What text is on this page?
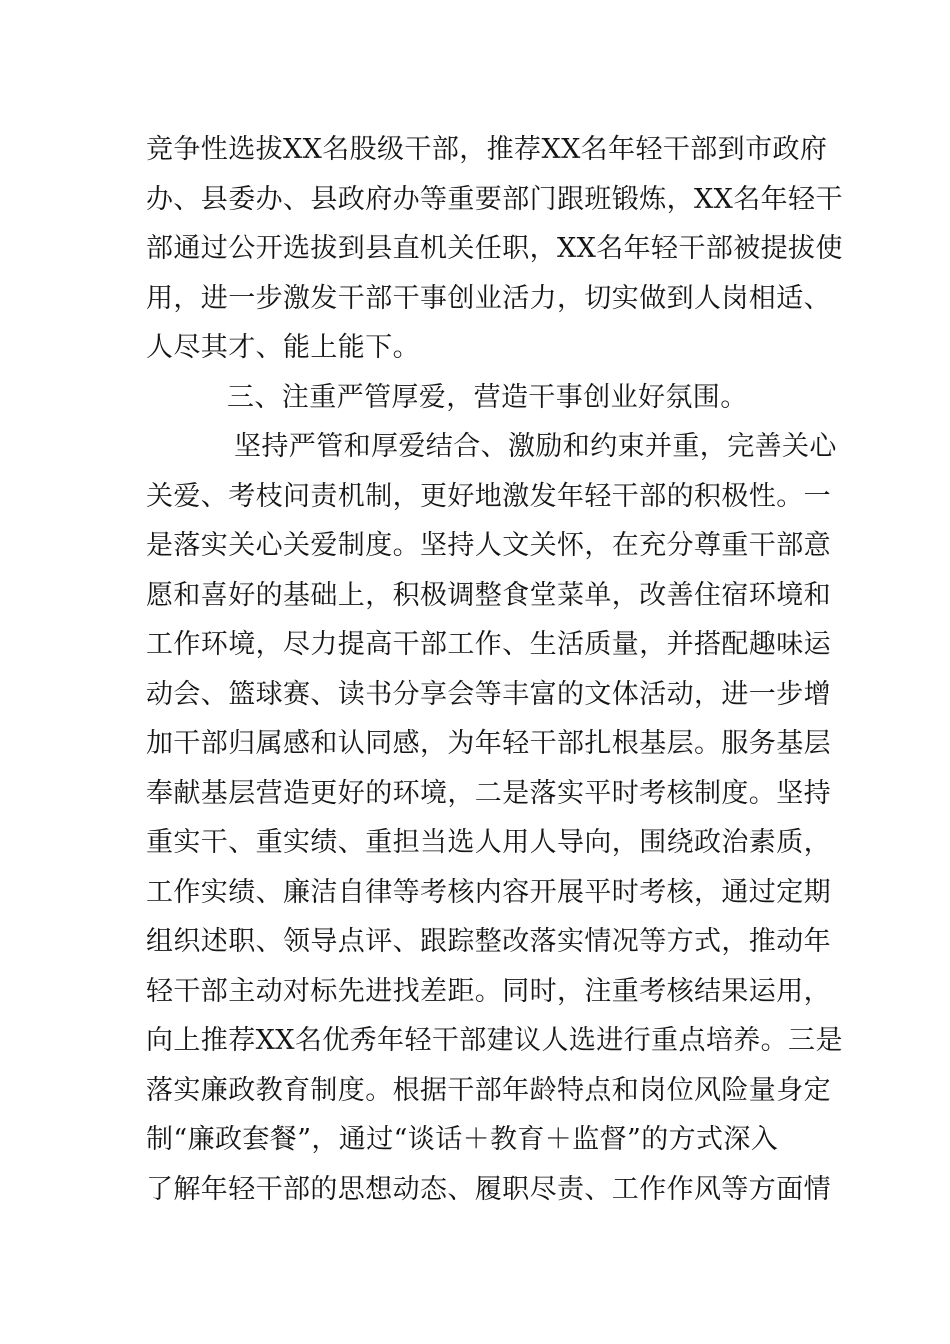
竞争性选拔XX名股级干部，推荐XX名年轻干部到市政府
办、县委办、县政府办等重要部门跟班锻炼，XX名年轻干
部通过公开选拔到县直机关任职，XX名年轻干部被提拔使
用，进一步激发干部干事创业活力，切实做到人岗相适、
人尽其才、能上能下。
三、注重严管厚爱，营造干事创业好氛围。
坚持严管和厚爱结合、激励和约束并重，完善关心
关爱、考枝问责机制，更好地激发年轻干部的积极性。一
是落实关心关爱制度。坚持人文关怀，在充分尊重干部意
愿和喜好的基础上，积极调整食堂菜单，改善住宿环境和
工作环境，尽力提高干部工作、生活质量，并搭配趣味运
动会、篮球赛、读书分享会等丰富的文体活动，进一步增
加干部归属感和认同感，为年轻干部扎根基层。服务基层
奉献基层营造更好的环境，二是落实平时考核制度。坚持
重实干、重实绩、重担当选人用人导向，围绕政治素质，
工作实绩、廉洁自律等考核内容开展平时考核，通过定期
组织述职、领导点评、跟踪整改落实情况等方式，推动年
轻干部主动对标先进找差距。同时，注重考核结果运用，
向上推荐XX名优秀年轻干部建议人选进行重点培养。三是
落实廉政教育制度。根据干部年龄特点和岗位风险量身定
制“廉政套餐”，通过“谈话＋教育＋监督”的方式深入
了解年轻干部的思想动态、履职尽责、工作作风等方面情
